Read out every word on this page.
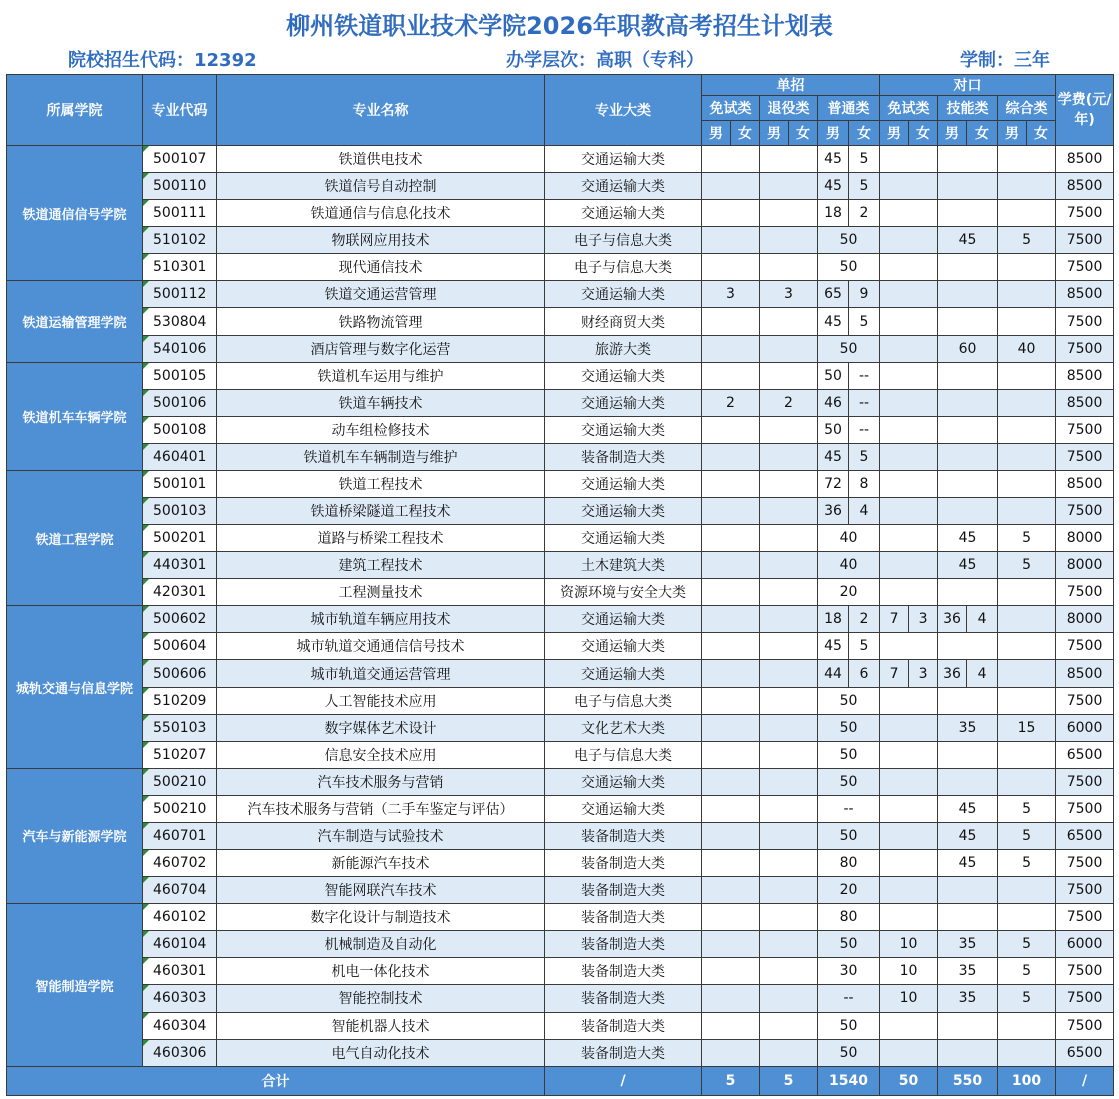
柳州铁道职业技术学院2026年职教高考招生计划表
院校招生代码：12392	办学层次：高职（专科）	学制：三年
所属学院	专业代码	专业名称	专业大类	单招						对口						学费(元/年)
				免试类		退役类		普通类		免试类		技能类		综合类		
				男	女	男	女	男	女	男	女	男	女	男	女	
铁道通信信号学院	500107	铁道供电技术	交通运输大类					45	5							8500
	500110	铁道信号自动控制	交通运输大类					45	5							8500
	500111	铁道通信与信息化技术	交通运输大类					18	2							7500
	510102	物联网应用技术	电子与信息大类					50				45		5		7500
	510301	现代通信技术	电子与信息大类					50								7500
铁道运输管理学院	500112	铁道交通运营管理	交通运输大类	3		3		65	9							8500
	530804	铁路物流管理	财经商贸大类					45	5							7500
	540106	酒店管理与数字化运营	旅游大类					50				60		40		7500
铁道机车车辆学院	500105	铁道机车运用与维护	交通运输大类					50	--							8500
	500106	铁道车辆技术	交通运输大类	2		2		46	--							8500
	500108	动车组检修技术	交通运输大类					50	--							7500
	460401	铁道机车车辆制造与维护	装备制造大类					45	5							7500
铁道工程学院	500101	铁道工程技术	交通运输大类					72	8							8500
	500103	铁道桥梁隧道工程技术	交通运输大类					36	4							7500
	500201	道路与桥梁工程技术	交通运输大类					40				45		5		8000
	440301	建筑工程技术	土木建筑大类					40				45		5		8000
	420301	工程测量技术	资源环境与安全大类					20								7500
城轨交通与信息学院	500602	城市轨道车辆应用技术	交通运输大类					18	2	7	3	36	4			8000
	500604	城市轨道交通通信信号技术	交通运输大类					45	5							7500
	500606	城市轨道交通运营管理	交通运输大类					44	6	7	3	36	4			8500
	510209	人工智能技术应用	电子与信息大类					50								7500
	550103	数字媒体艺术设计	文化艺术大类					50				35		15		6000
	510207	信息安全技术应用	电子与信息大类					50								6500
汽车与新能源学院	500210	汽车技术服务与营销	交通运输大类					50								7500
	500210	汽车技术服务与营销（二手车鉴定与评估）	交通运输大类					--				45		5		7500
	460701	汽车制造与试验技术	装备制造大类					50				45		5		6500
	460702	新能源汽车技术	装备制造大类					80				45		5		7500
	460704	智能网联汽车技术	装备制造大类					20								7500
智能制造学院	460102	数字化设计与制造技术	装备制造大类					80								7500
	460104	机械制造及自动化	装备制造大类					50		10		35		5		6000
	460301	机电一体化技术	装备制造大类					30		10		35		5		7500
	460303	智能控制技术	装备制造大类					--		10		35		5		7500
	460304	智能机器人技术	装备制造大类					50								7500
	460306	电气自动化技术	装备制造大类					50								6500
合计			/	5		5		1540		50		550		100		/
